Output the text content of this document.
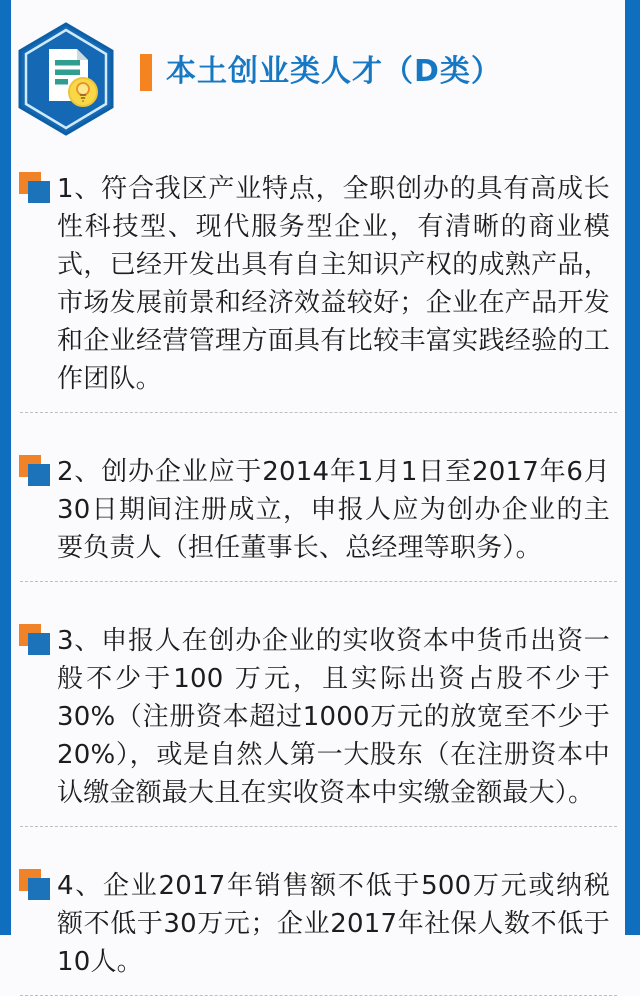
本土创业类人才（D类）

1、符合我区产业特点，全职创办的具有高成长性科技型、现代服务型企业，有清晰的商业模式，已经开发出具有自主知识产权的成熟产品，市场发展前景和经济效益较好；企业在产品开发和企业经营管理方面具有比较丰富实践经验的工作团队。

2、创办企业应于2014年1月1日至2017年6月30日期间注册成立，申报人应为创办企业的主要负责人（担任董事长、总经理等职务）。

3、申报人在创办企业的实收资本中货币出资一般不少于100 万元，且实际出资占股不少于30%（注册资本超过1000万元的放宽至不少于20%），或是自然人第一大股东（在注册资本中认缴金额最大且在实收资本中实缴金额最大）。

4、企业2017年销售额不低于500万元或纳税额不低于30万元；企业2017年社保人数不低于10人。
